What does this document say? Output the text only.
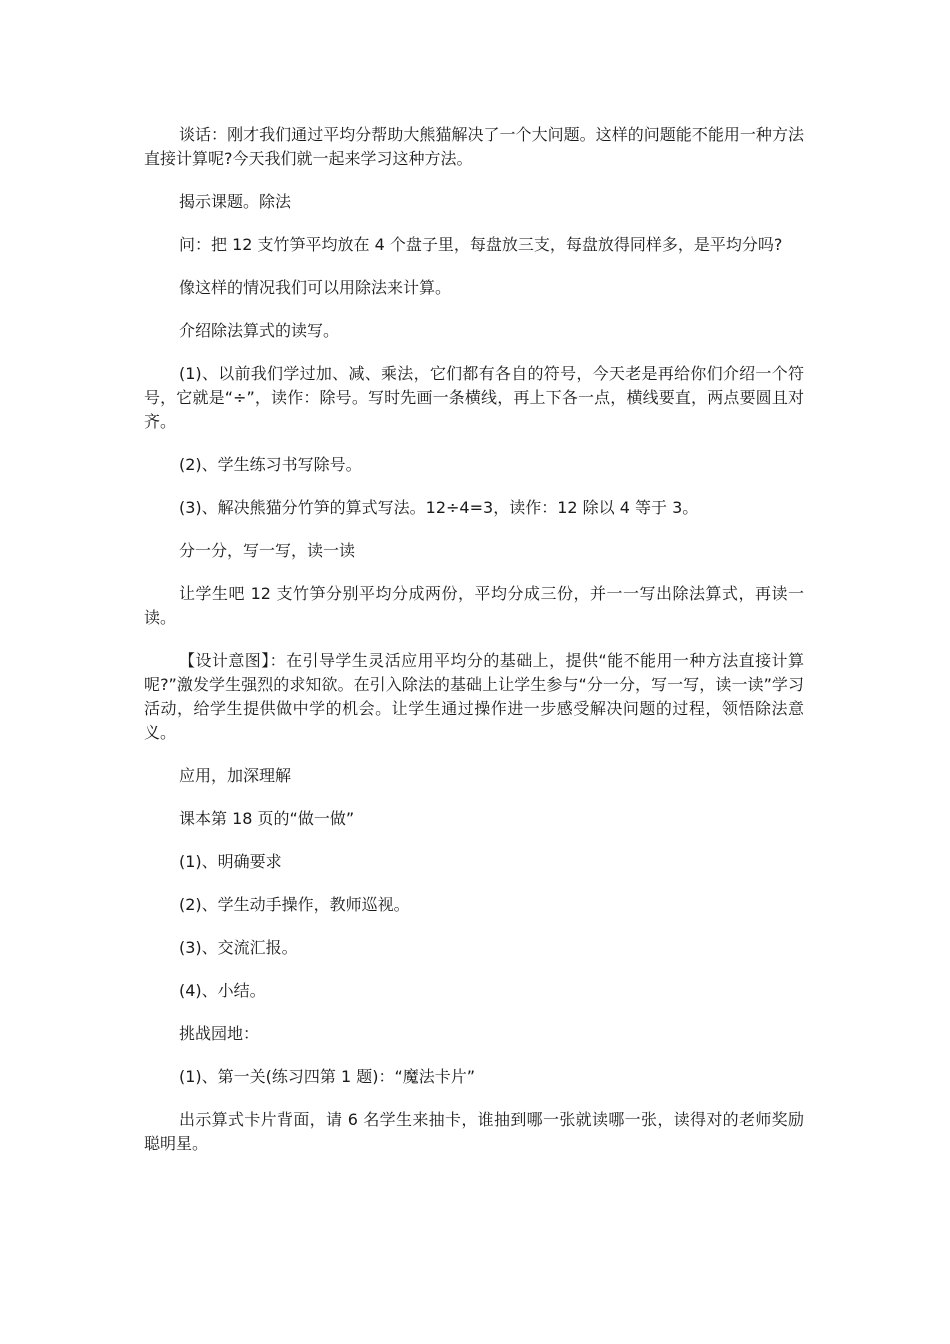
谈话：刚才我们通过平均分帮助大熊猫解决了一个大问题。这样的问题能不能用一种方法直接计算呢?今天我们就一起来学习这种方法。

揭示课题。除法

问：把 12 支竹笋平均放在 4 个盘子里，每盘放三支，每盘放得同样多，是平均分吗?

像这样的情况我们可以用除法来计算。

介绍除法算式的读写。

(1)、以前我们学过加、减、乘法，它们都有各自的符号，今天老是再给你们介绍一个符号，它就是“÷”，读作：除号。写时先画一条横线，再上下各一点，横线要直，两点要圆且对齐。

(2)、学生练习书写除号。

(3)、解决熊猫分竹笋的算式写法。12÷4=3，读作：12 除以 4 等于 3。

分一分，写一写，读一读

让学生吧 12 支竹笋分别平均分成两份，平均分成三份，并一一写出除法算式，再读一读。

【设计意图】：在引导学生灵活应用平均分的基础上，提供“能不能用一种方法直接计算呢?”激发学生强烈的求知欲。在引入除法的基础上让学生参与“分一分，写一写，读一读”学习活动，给学生提供做中学的机会。让学生通过操作进一步感受解决问题的过程，领悟除法意义。

应用，加深理解

课本第 18 页的“做一做”

(1)、明确要求

(2)、学生动手操作，教师巡视。

(3)、交流汇报。

(4)、小结。

挑战园地：

(1)、第一关(练习四第 1 题)：“魔法卡片”

出示算式卡片背面，请 6 名学生来抽卡，谁抽到哪一张就读哪一张，读得对的老师奖励聪明星。
